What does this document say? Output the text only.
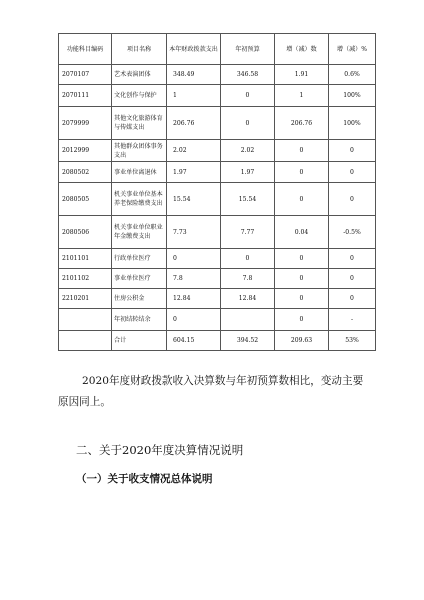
功能科目编码	项目名称	本年财政拨款支出	年初预算	增（减）数	增（减）%
2070107	艺术表演团体	348.49	346.58	1.91	0.6%
2070111	文化创作与保护	1	0	1	100%
2079999	其他文化旅游体育与传媒支出	206.76	0	206.76	100%
2012999	其他群众团体事务支出	2.02	2.02	0	0
2080502	事业单位离退休	1.97	1.97	0	0
2080505	机关事业单位基本养老保险缴费支出	15.54	15.54	0	0
2080506	机关事业单位职业年金缴费支出	7.73	7.77	0.04	-0.5%
2101101	行政单位医疗	0	0	0	0
2101102	事业单位医疗	7.8	7.8	0	0
2210201	住房公积金	12.84	12.84	0	0
	年初结转结余	0		0	-
	合计	604.15	394.52	209.63	53%

2020年度财政拨款收入决算数与年初预算数相比，变动主要原因同上。

二、关于2020年度决算情况说明
（一）关于收支情况总体说明
